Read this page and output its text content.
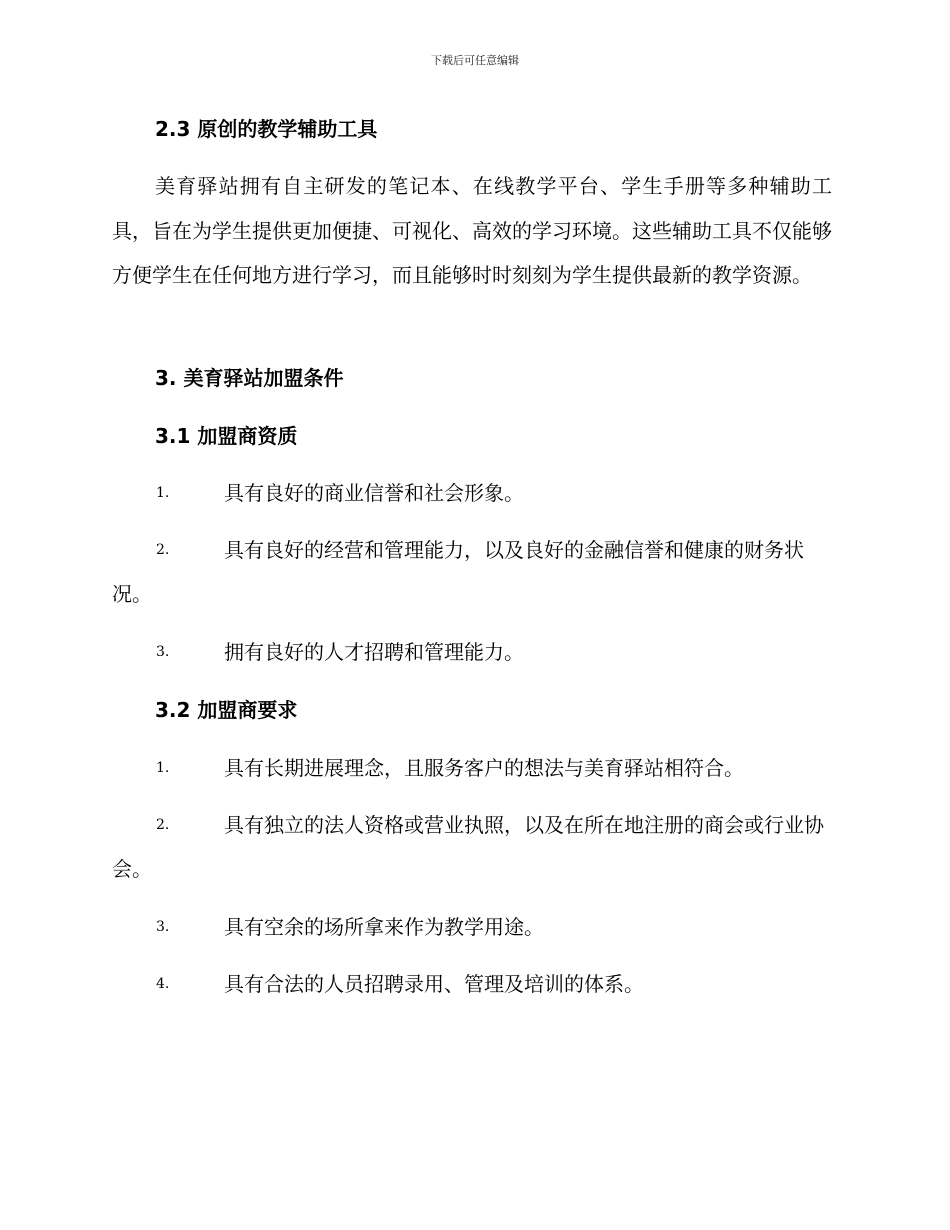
下载后可任意编辑
2.3 原创的教学辅助工具

美育驿站拥有自主研发的笔记本、在线教学平台、学生手册等多种辅助工具，旨在为学生提供更加便捷、可视化、高效的学习环境。这些辅助工具不仅能够方便学生在任何地方进行学习，而且能够时时刻刻为学生提供最新的教学资源。

3. 美育驿站加盟条件
3.1 加盟商资质
1.	具有良好的商业信誉和社会形象。
2.	具有良好的经营和管理能力，以及良好的金融信誉和健康的财务状况。
3.	拥有良好的人才招聘和管理能力。
3.2 加盟商要求
1.	具有长期进展理念，且服务客户的想法与美育驿站相符合。
2.	具有独立的法人资格或营业执照，以及在所在地注册的商会或行业协会。
3.	具有空余的场所拿来作为教学用途。
4.	具有合法的人员招聘录用、管理及培训的体系。
